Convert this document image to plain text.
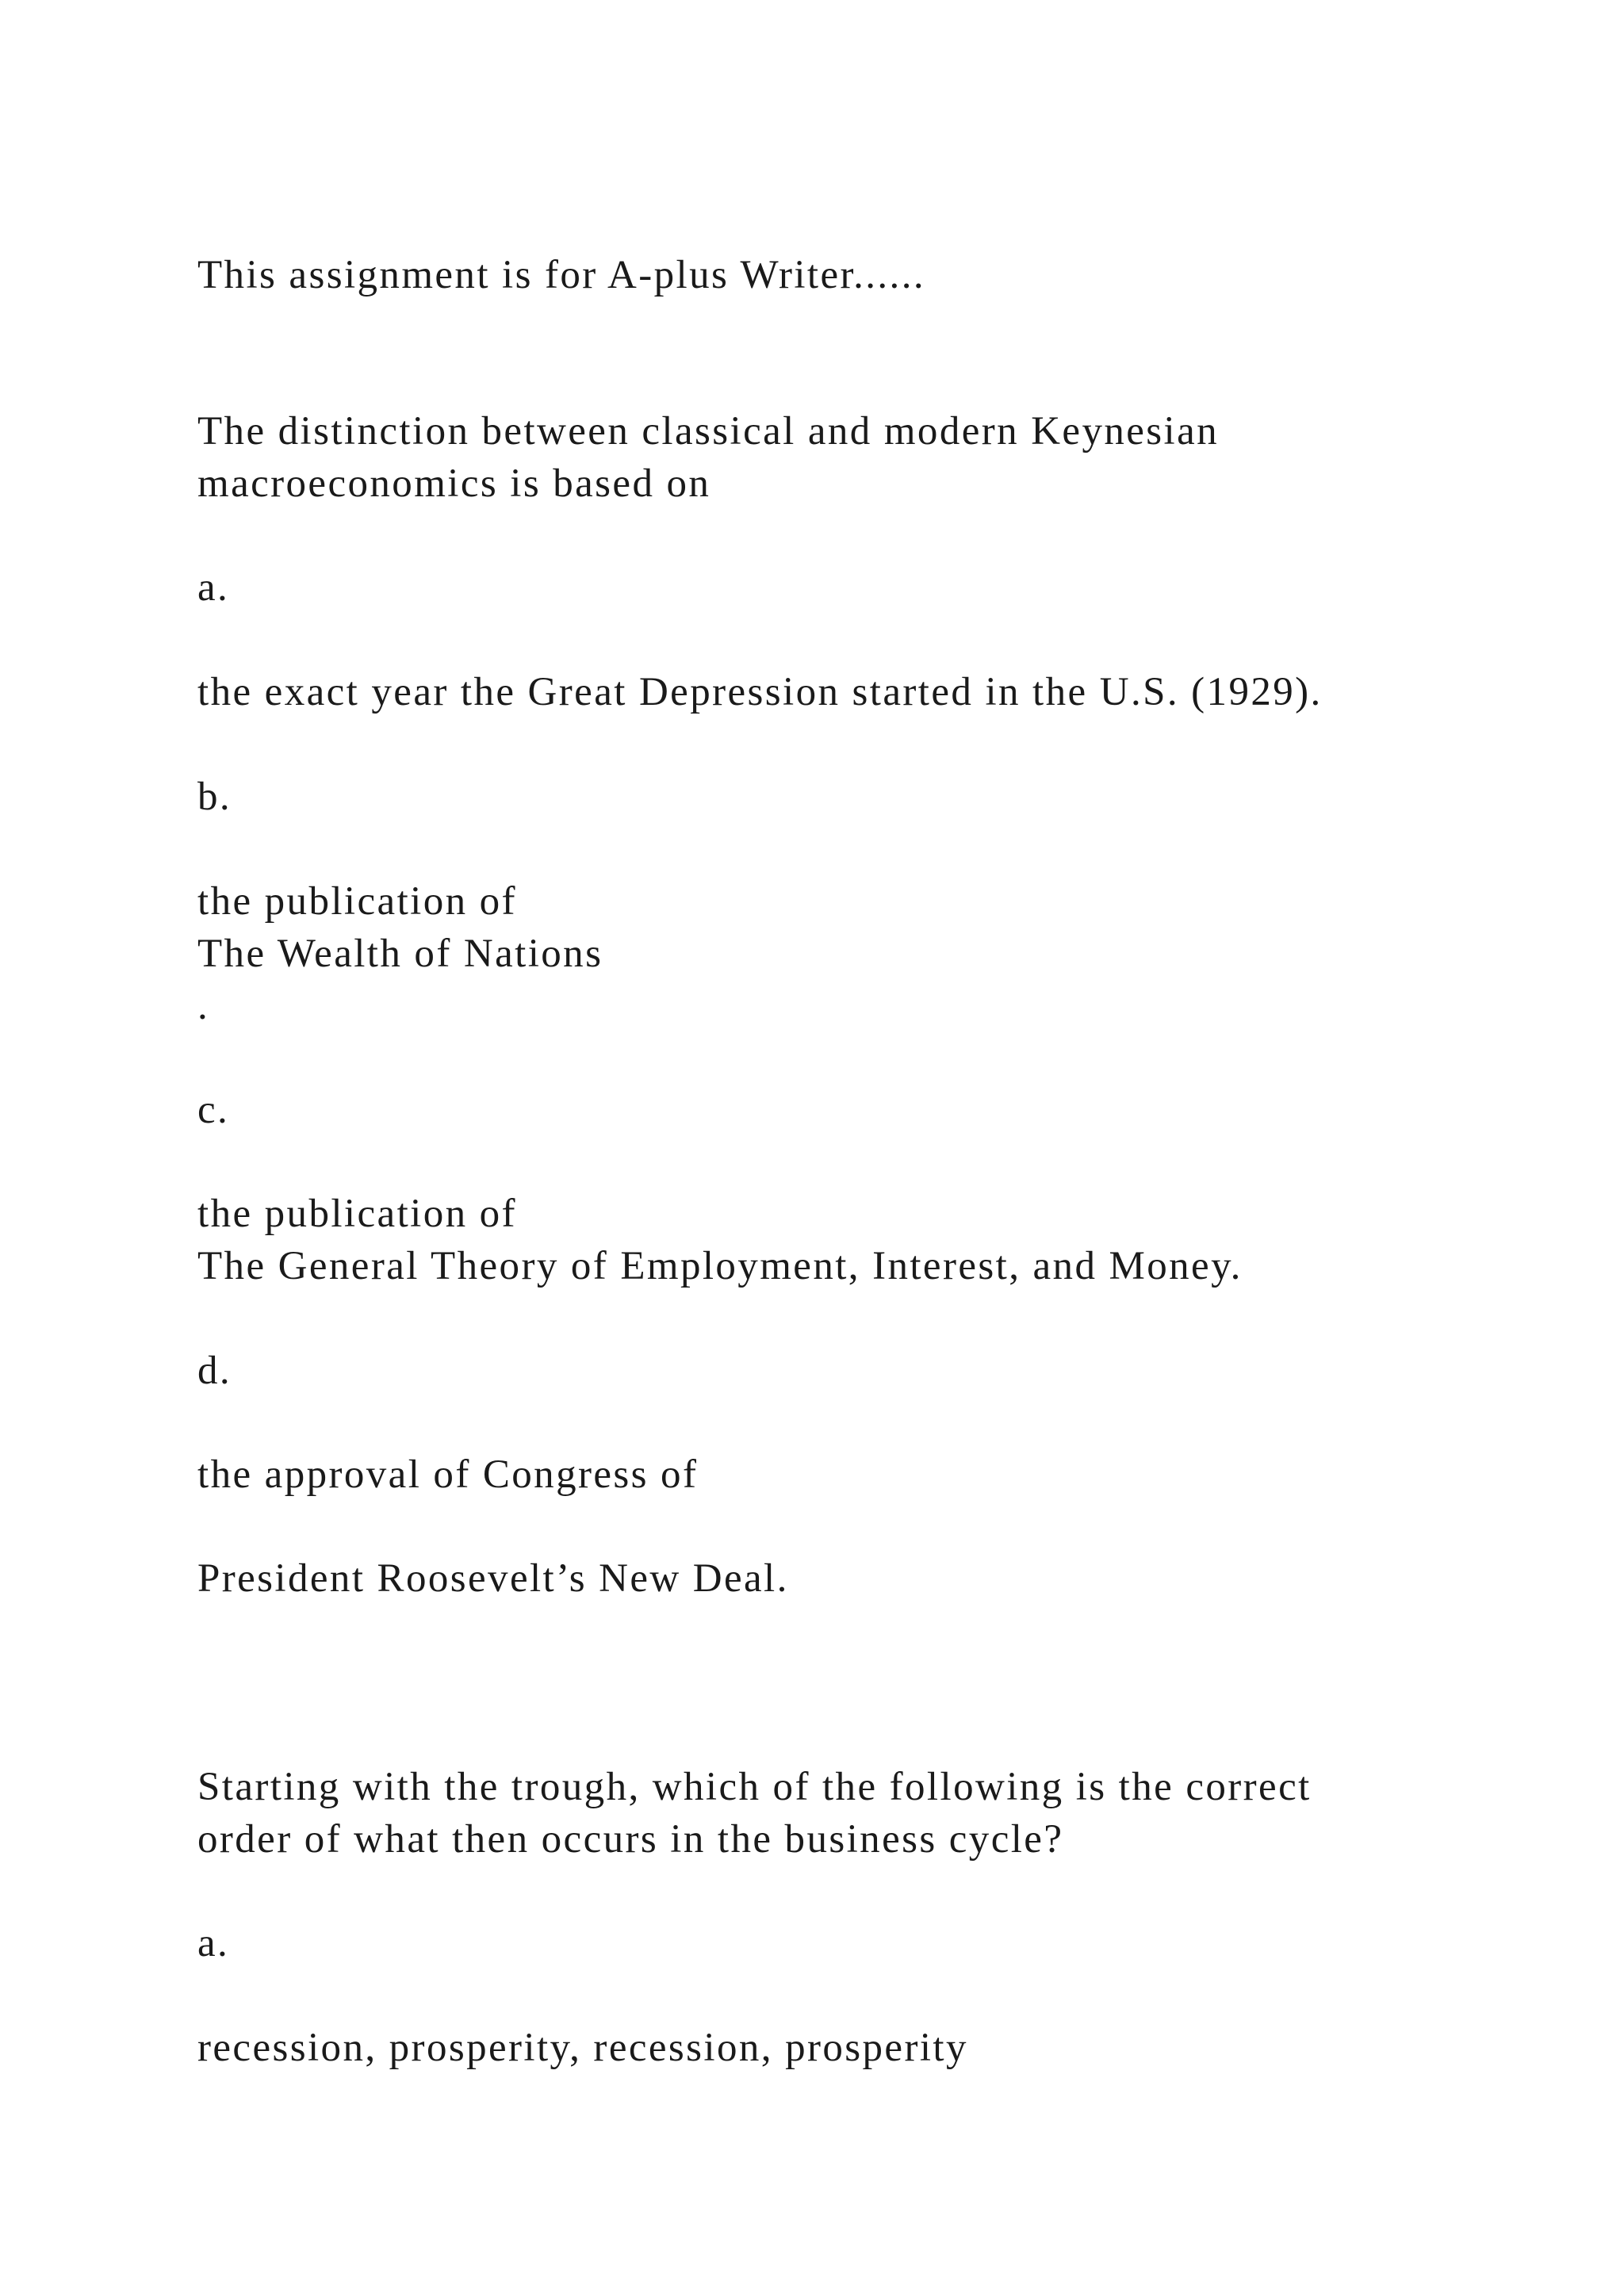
This assignment is for A-plus Writer......

The distinction between classical and modern Keynesian

macroeconomics is based on

a.

the exact year the Great Depression started in the U.S. (1929).

b.

the publication of

The Wealth of Nations

.

c.

the publication of

The General Theory of Employment, Interest, and Money.

d.

the approval of Congress of

President Roosevelt’s New Deal.

Starting with the trough, which of the following is the correct

order of what then occurs in the business cycle?

a.

recession, prosperity, recession, prosperity
